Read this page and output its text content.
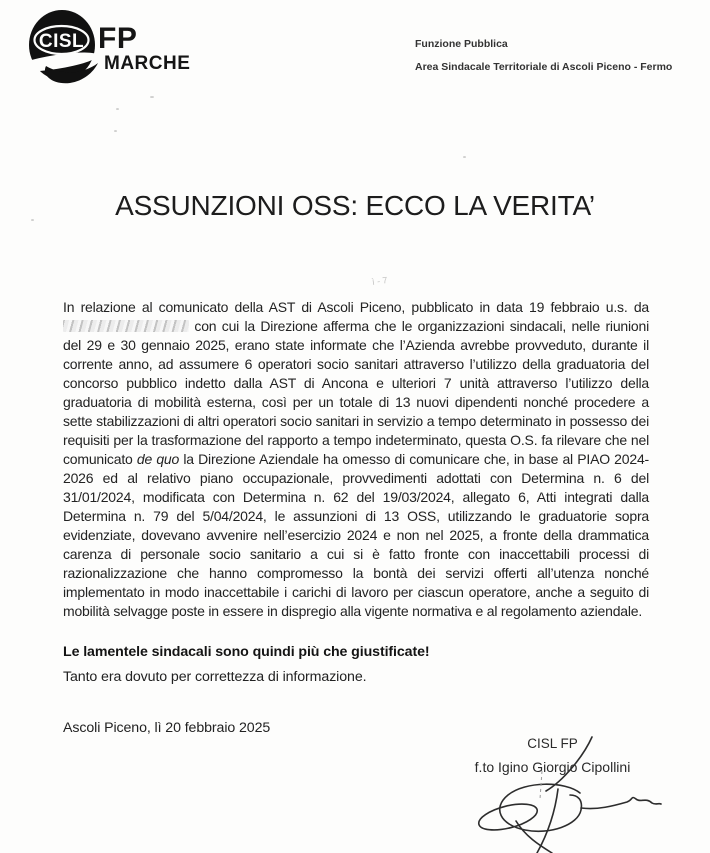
CISL FP
MARCHE
Funzione Pubblica
Area Sindacale Territoriale di Ascoli Piceno - Fermo
ASSUNZIONI OSS: ECCO LA VERITA’
ì - 7

In relazione al comunicato della AST di Ascoli Piceno, pubblicato in data 19 febbraio u.s. da  con cui la Direzione afferma che le organizzazioni sindacali, nelle riunioni del 29 e 30 gennaio 2025, erano state informate che l’Azienda avrebbe provveduto, durante il corrente anno, ad assumere 6 operatori socio sanitari attraverso l’utilizzo della graduatoria del concorso pubblico indetto dalla AST di Ancona e ulteriori 7 unità attraverso l’utilizzo della graduatoria di mobilità esterna, così per un totale di 13 nuovi dipendenti nonché procedere a sette stabilizzazioni di altri operatori socio sanitari in servizio a tempo determinato in possesso dei requisiti per la trasformazione del rapporto a tempo indeterminato, questa O.S. fa rilevare che nel comunicato de quo la Direzione Aziendale ha omesso di comunicare che, in base al PIAO 2024-2026 ed al relativo piano occupazionale, provvedimenti adottati con Determina n. 6 del 31/01/2024, modificata con Determina n. 62 del 19/03/2024, allegato 6, Atti integrati dalla Determina n. 79 del 5/04/2024, le assunzioni di 13 OSS, utilizzando le graduatorie sopra evidenziate, dovevano avvenire nell’esercizio 2024 e non nel 2025, a fronte della drammatica carenza di personale socio sanitario a cui si è fatto fronte con inaccettabili processi di razionalizzazione che hanno compromesso la bontà dei servizi offerti all’utenza nonché implementato in modo inaccettabile i carichi di lavoro per ciascun operatore, anche a seguito di mobilità selvagge poste in essere in dispregio alla vigente normativa e al regolamento aziendale.

Le lamentele sindacali sono quindi più che giustificate!

Tanto era dovuto per correttezza di informazione.

Ascoli Piceno, lì 20 febbraio 2025

CISL FP
f.to Igino Giorgio Cipollini
